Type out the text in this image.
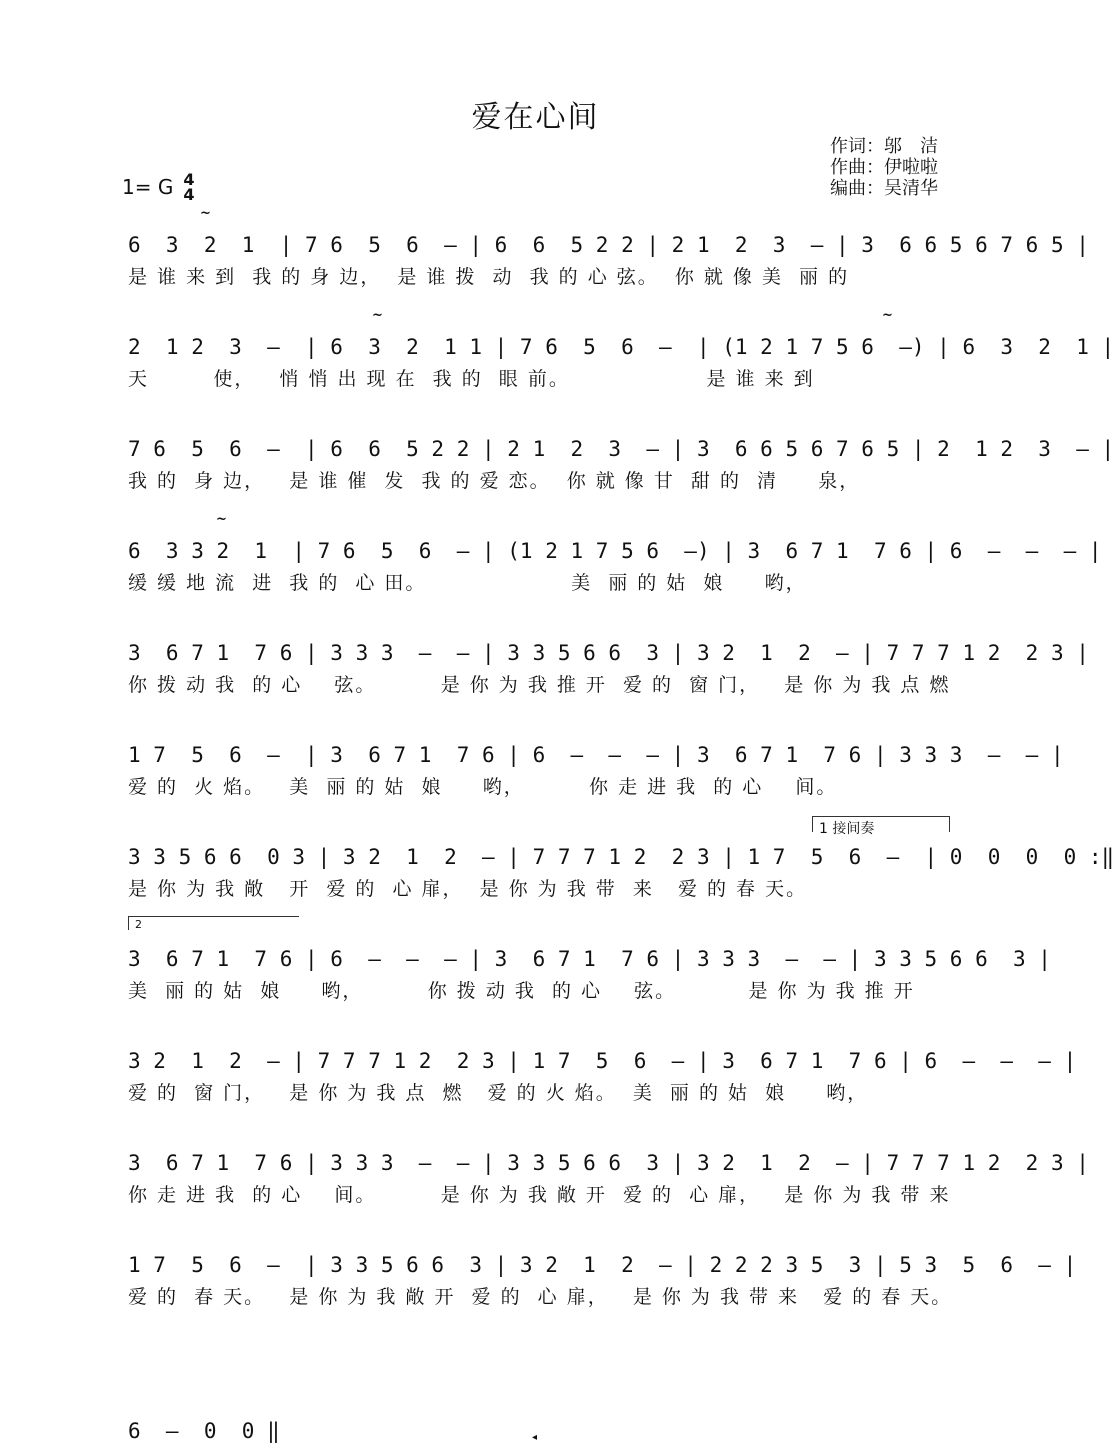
爱在心间
作词：邬　洁
作曲：伊啦啦
编曲：吴清华
1= G 4
4
~
~	~
~
6  3  2  1  | 7 6  5  6  — | 6  6  5 2 2 | 2 1  2  3  — | 3  6 6 5 6 7 6 5 |
是 谁 来 到  我 的 身 边，  是 谁 拨  动  我 的 心 弦。  你 就 像 美  丽 的
2  1 2  3  —  | 6  3  2  1 1 | 7 6  5  6  —  | (1 2 1 7 5 6  —) | 6  3  2  1 |
天        使，   悄 悄 出 现 在  我 的  眼 前。                 是 谁 来 到
7 6  5  6  —  | 6  6  5 2 2 | 2 1  2  3  — | 3  6 6 5 6 7 6 5 | 2  1 2  3  — |
我 的  身 边，   是 谁 催  发  我 的 爱 恋。  你 就 像 甘  甜 的  清     泉，
6  3 3 2  1  | 7 6  5  6  — | (1 2 1 7 5 6  —) | 3  6 7 1  7 6 | 6  —  —  — |
缓 缓 地 流  进  我 的  心 田。                  美  丽 的 姑  娘     哟，
3  6 7 1  7 6 | 3 3 3  —  — | 3 3 5 6 6  3 | 3 2  1  2  — | 7 7 7 1 2  2 3 |
你 拨 动 我  的 心    弦。        是 你 为 我 推 开  爱 的  窗 门，   是 你 为 我 点 燃
1 7  5  6  —  | 3  6 7 1  7 6 | 6  —  —  — | 3  6 7 1  7 6 | 3 3 3  —  — |
爱 的  火 焰。   美  丽 的 姑  娘     哟，        你 走 进 我  的 心    间。
1 接间奏
3 3 5 6 6  0 3 | 3 2  1  2  — | 7 7 7 1 2  2 3 | 1 7  5  6  —  | 0  0  0  0 :‖
是 你 为 我 敞   开  爱 的  心 扉，  是 你 为 我 带  来   爱 的 春 天。
2
3  6 7 1  7 6 | 6  —  —  — | 3  6 7 1  7 6 | 3 3 3  —  — | 3 3 5 6 6  3 |
美  丽 的 姑  娘     哟，        你 拨 动 我  的 心    弦。         是 你 为 我 推 开
3 2  1  2  — | 7 7 7 1 2  2 3 | 1 7  5  6  — | 3  6 7 1  7 6 | 6  —  —  — |
爱 的  窗 门，   是 你 为 我 点  燃   爱 的 火 焰。  美  丽 的 姑  娘     哟，
3  6 7 1  7 6 | 3 3 3  —  — | 3 3 5 6 6  3 | 3 2  1  2  — | 7 7 7 1 2  2 3 |
你 走 进 我  的 心    间。        是 你 为 我 敞 开  爱 的  心 扉，   是 你 为 我 带 来
1 7  5  6  —  | 3 3 5 6 6  3 | 3 2  1  2  — | 2 2 2 3 5  3 | 5 3  5  6  — |
爱 的  春 天。   是 你 为 我 敞 开  爱 的  心 扉，   是 你 为 我 带 来   爱 的 春 天。
6  —  0  0 ‖	◂
